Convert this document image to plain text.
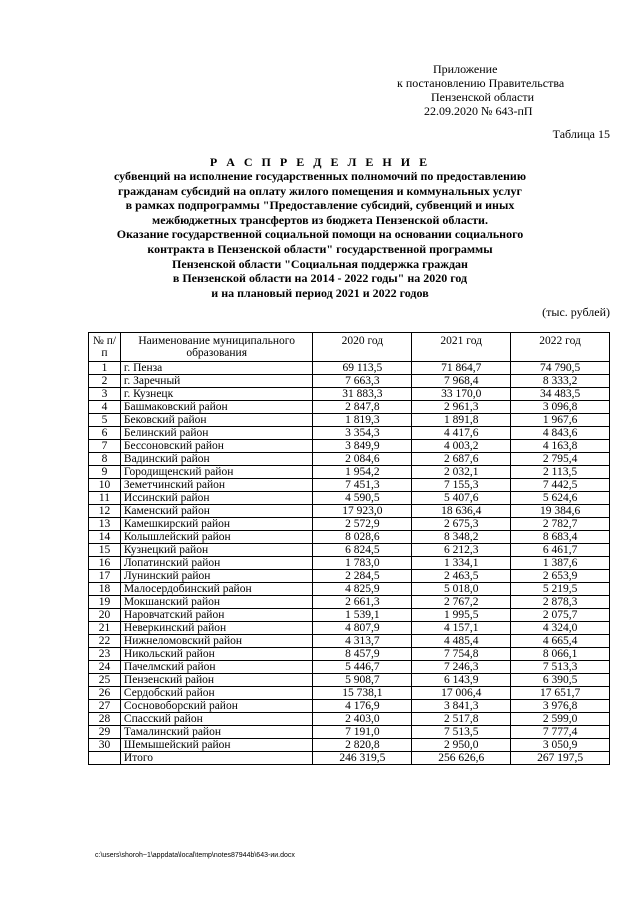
Приложение
к постановлению Правительства
Пензенской области
22.09.2020 № 643-пП
Таблица 15
Р А С П Р Е Д Е Л Е Н И Е
субвенций на исполнение государственных полномочий по предоставлению
гражданам субсидий на оплату жилого помещения и коммунальных услуг
в рамках подпрограммы "Предоставление субсидий, субвенций и иных
межбюджетных трансфертов из бюджета Пензенской области.
Оказание государственной социальной помощи на основании социального
контракта в Пензенской области" государственной программы
Пензенской области "Социальная поддержка граждан
в Пензенской области на 2014 - 2022 годы" на 2020 год
и на плановый период 2021 и 2022 годов
(тыс. рублей)
№ п/п	Наименование муниципального образования	2020 год	2021 год	2022 год
1	г. Пенза	69 113,5	71 864,7	74 790,5
2	г. Заречный	7 663,3	7 968,4	8 333,2
3	г. Кузнецк	31 883,3	33 170,0	34 483,5
4	Башмаковский район	2 847,8	2 961,3	3 096,8
5	Бековский район	1 819,3	1 891,8	1 967,6
6	Белинский район	3 354,3	4 417,6	4 843,6
7	Бессоновский район	3 849,9	4 003,2	4 163,8
8	Вадинский район	2 084,6	2 687,6	2 795,4
9	Городищенский район	1 954,2	2 032,1	2 113,5
10	Земетчинский район	7 451,3	7 155,3	7 442,5
11	Иссинский район	4 590,5	5 407,6	5 624,6
12	Каменский район	17 923,0	18 636,4	19 384,6
13	Камешкирский район	2 572,9	2 675,3	2 782,7
14	Колышлейский район	8 028,6	8 348,2	8 683,4
15	Кузнецкий район	6 824,5	6 212,3	6 461,7
16	Лопатинский район	1 783,0	1 334,1	1 387,6
17	Лунинский район	2 284,5	2 463,5	2 653,9
18	Малосердобинский район	4 825,9	5 018,0	5 219,5
19	Мокшанский район	2 661,3	2 767,2	2 878,3
20	Наровчатский район	1 539,1	1 995,5	2 075,7
21	Неверкинский район	4 807,9	4 157,1	4 324,0
22	Нижнеломовский район	4 313,7	4 485,4	4 665,4
23	Никольский район	8 457,9	7 754,8	8 066,1
24	Пачелмский район	5 446,7	7 246,3	7 513,3
25	Пензенский район	5 908,7	6 143,9	6 390,5
26	Сердобский район	15 738,1	17 006,4	17 651,7
27	Сосновоборский район	4 176,9	3 841,3	3 976,8
28	Спасский район	2 403,0	2 517,8	2 599,0
29	Тамалинский район	7 191,0	7 513,5	7 777,4
30	Шемышейский район	2 820,8	2 950,0	3 050,9
	Итого	246 319,5	256 626,6	267 197,5
c:\users\shoroh~1\appdata\local\temp\notes87944b\643-ии.docx
